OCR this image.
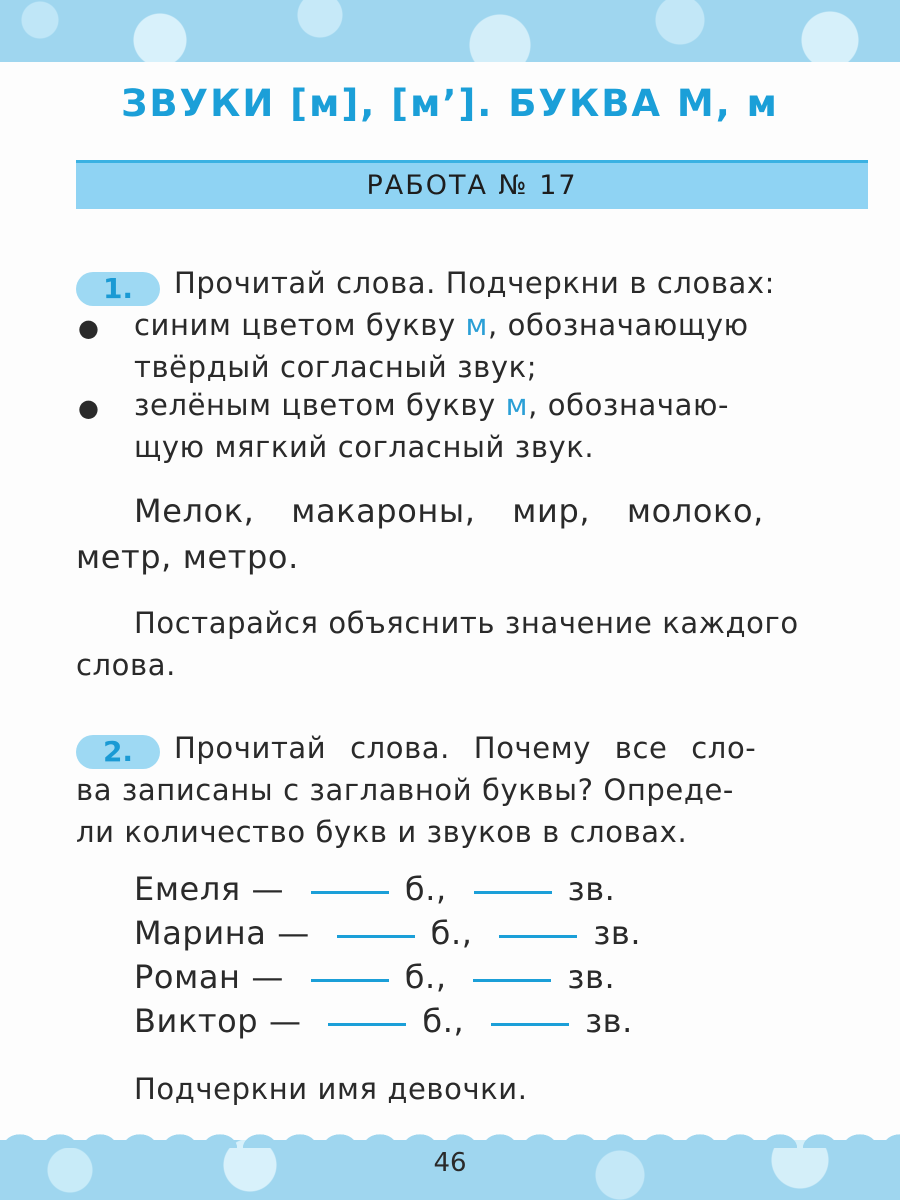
ЗВУКИ [м], [м’]. БУКВА М, м
РАБОТА № 17
1.	Прочитай слова. Подчеркни в словах:
● синим цветом букву м, обозначающую
твёрдый согласный звук;
● зелёным цветом букву м, обозначаю-
щую мягкий согласный звук.
Мелок, макароны, мир, молоко,
метр, метро.
Постарайся объяснить значение каждого
слова.
2.	Прочитай слова. Почему все сло-
ва записаны с заглавной буквы? Опреде-
ли количество букв и звуков в словах.
Емеля —	б.,	зв.
Марина —	б.,	зв.
Роман —	б.,	зв.
Виктор —	б.,	зв.
Подчеркни имя девочки.
46
